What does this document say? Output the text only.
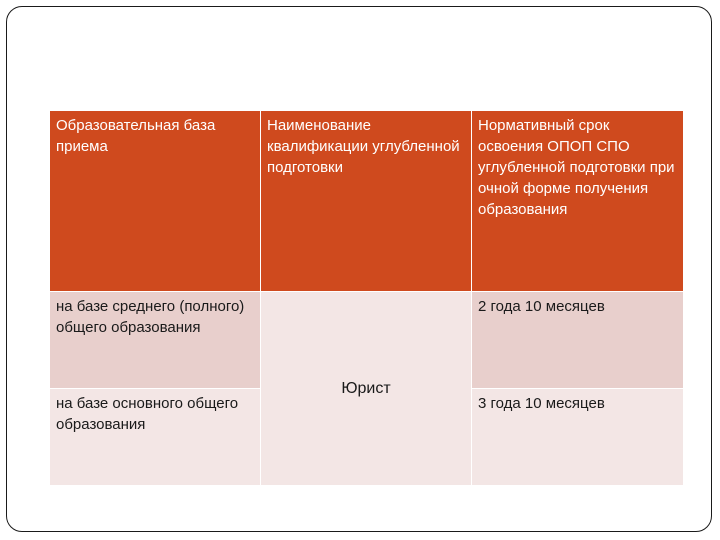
Образовательная база приема	Наименование квалификации углубленной подготовки	Нормативный срок освоения ОПОП СПО углубленной подготовки при очной форме получения образования

на базе среднего (полного) общего образования	Юрист	2 года 10 месяцев
на базе основного общего образования		3 года 10 месяцев
